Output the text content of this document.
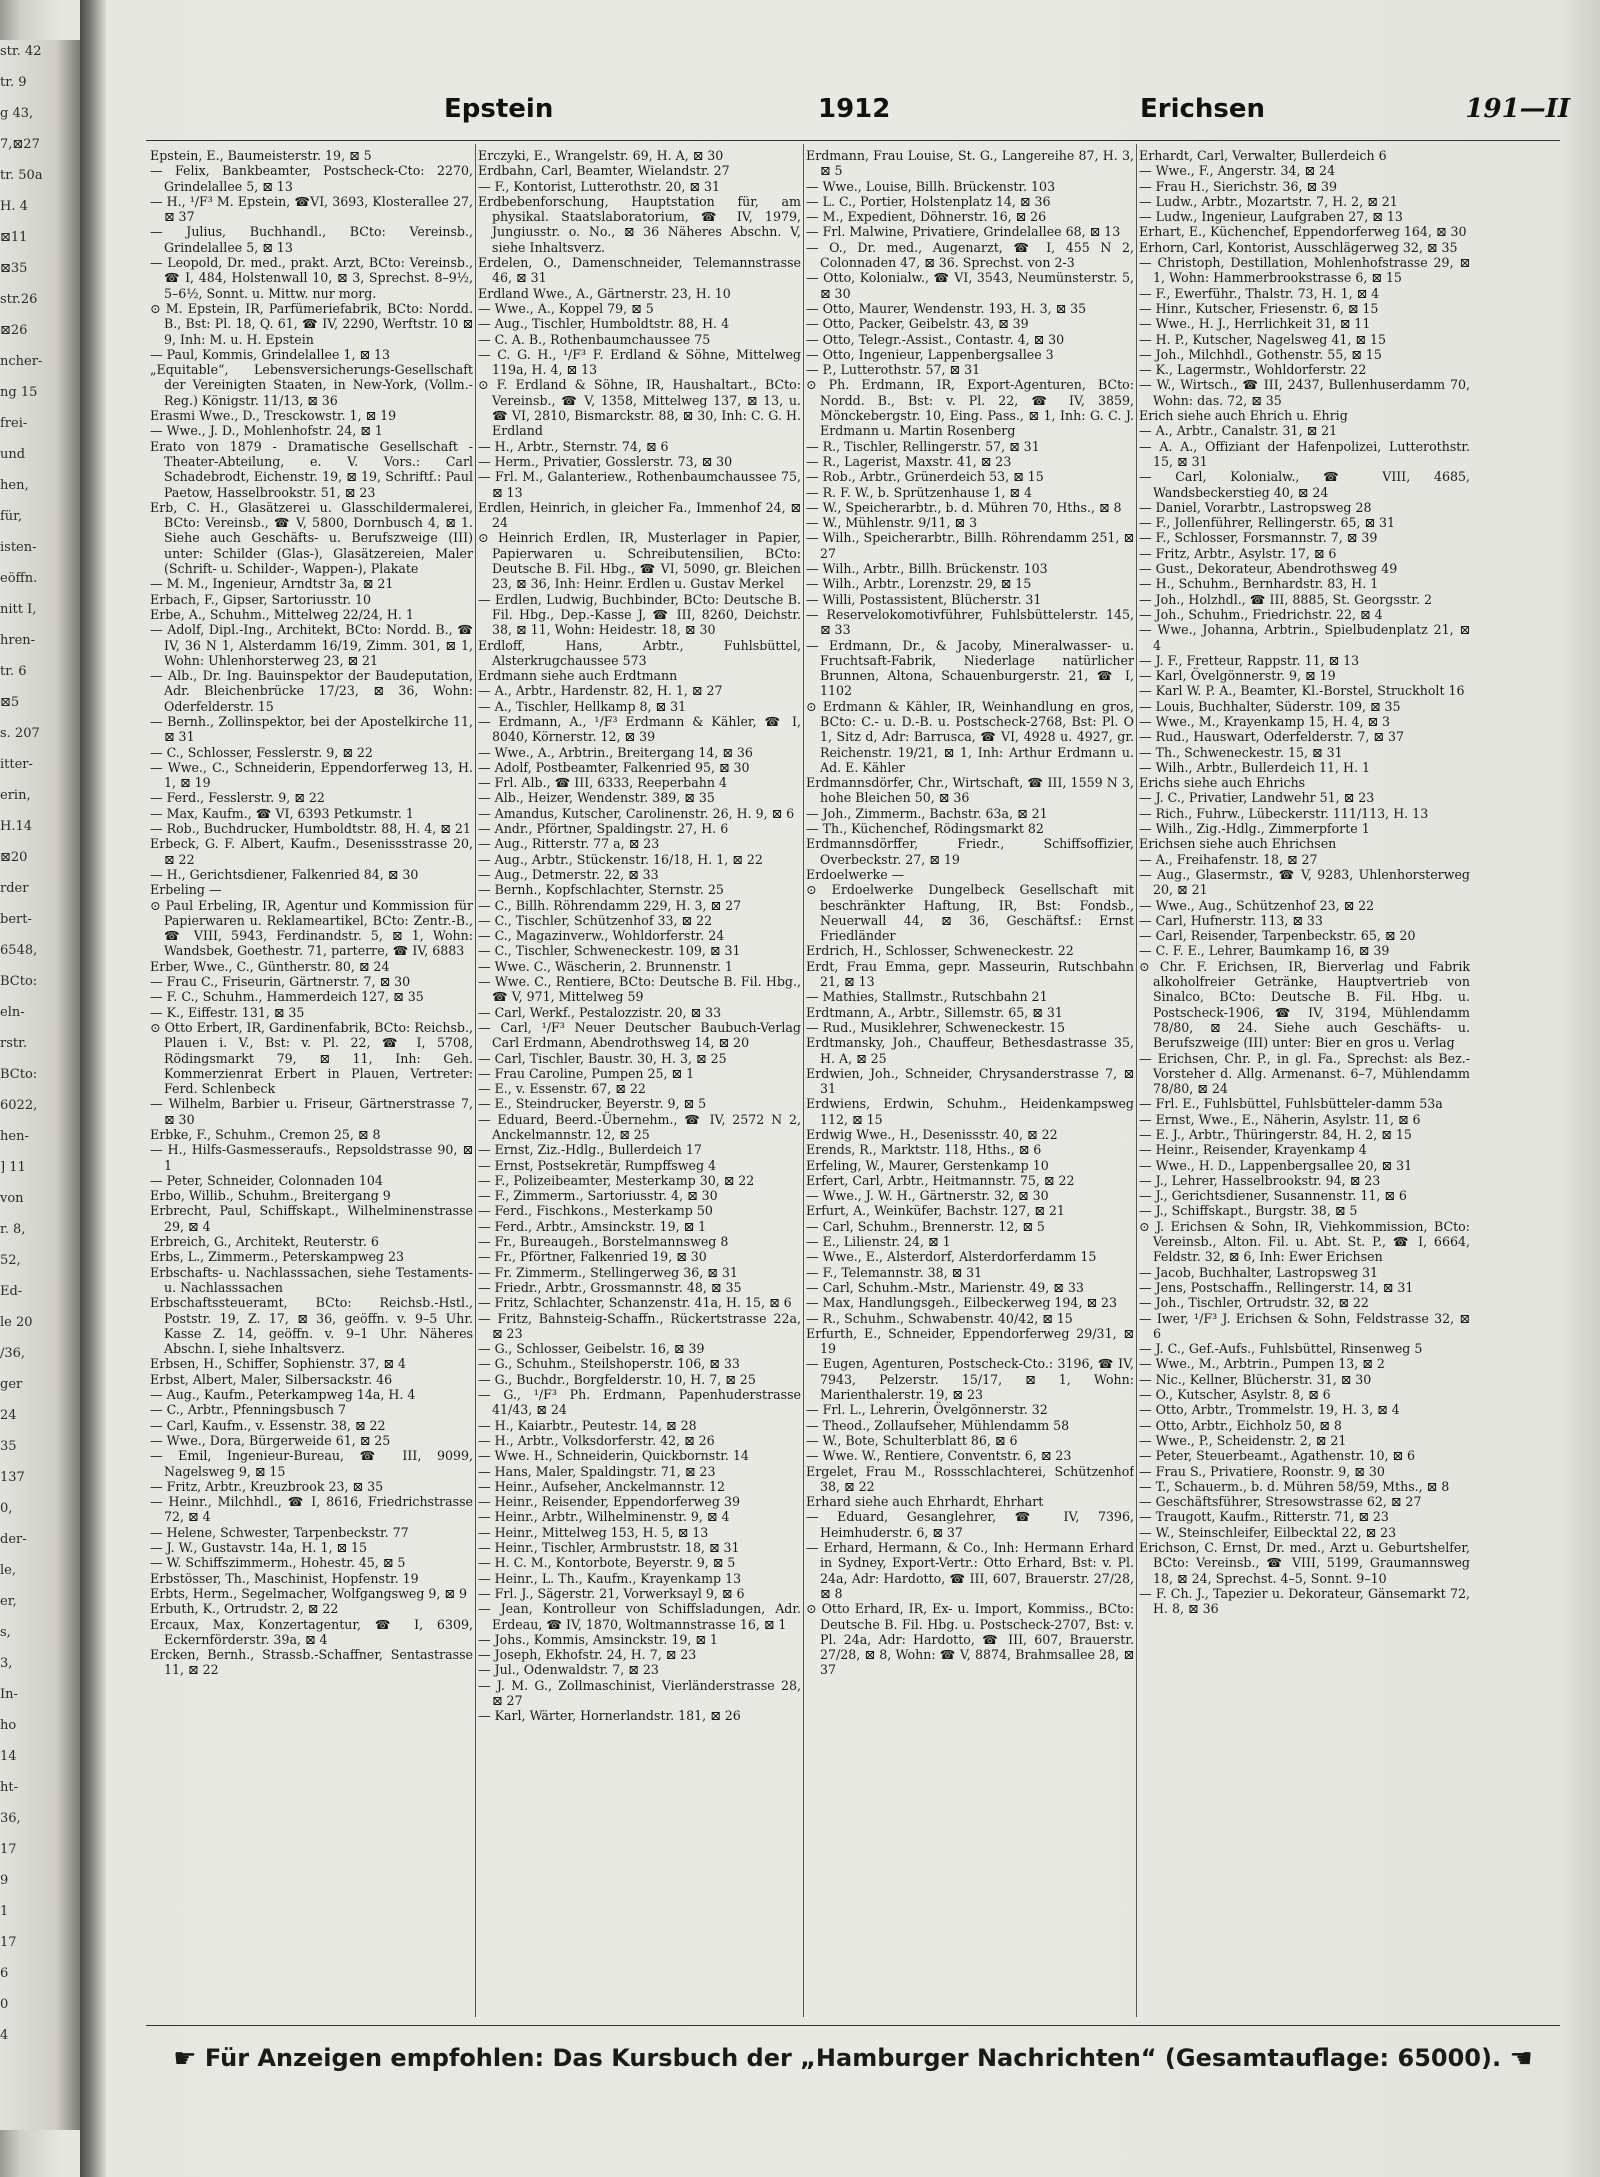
str. 42
tr. 9
g 43,
7,⊠27
tr. 50a
H. 4
⊠11
⊠35
str.26
⊠26
ncher-
ng 15
frei-
und
hen,
für,
isten-
eöffn.
nitt I,
hren-
tr. 6
⊠5
s. 207
itter-
erin,
H.14
⊠20
rder
bert-
6548,
BCto:
eln-
rstr.
BCto:
6022,
hen-
] 11
von
r. 8,
52,
Ed-
le 20
/36,
ger
24
35
137
0,
der-
le,
er,
s,
3,
In-
ho
14
ht-
36,
17
9
1
17
6
0
4
Epstein	1912	Erichsen	191—II

Epstein, E., Baumeisterstr. 19, ⊠ 5

— Felix, Bankbeamter, Postscheck-Cto: 2270, Grindelallee 5, ⊠ 13

— H., ¹/F³ M. Epstein, ☎VI, 3693, Klosterallee 27, ⊠ 37

— Julius, Buchhandl., BCto: Vereinsb., Grindelallee 5, ⊠ 13

— Leopold, Dr. med., prakt. Arzt, BCto: Vereinsb., ☎ I, 484, Holstenwall 10, ⊠ 3, Sprechst. 8–9½, 5–6½, Sonnt. u. Mittw. nur morg.

⊙ M. Epstein, IR, Parfümeriefabrik, BCto: Nordd. B., Bst: Pl. 18, Q. 61, ☎ IV, 2290, Werftstr. 10 ⊠ 9, Inh: M. u. H. Epstein

— Paul, Kommis, Grindelallee 1, ⊠ 13

„Equitable“, Lebensversicherungs-Gesellschaft der Vereinigten Staaten, in New-York, (Vollm.-Reg.) Königstr. 11/13, ⊠ 36

Erasmi Wwe., D., Tresckowstr. 1, ⊠ 19

— Wwe., J. D., Mohlenhofstr. 24, ⊠ 1

Erato von 1879 - Dramatische Gesellschaft - Theater-Abteilung, e. V. Vors.: Carl Schadebrodt, Eichenstr. 19, ⊠ 19, Schriftf.: Paul Paetow, Hasselbrookstr. 51, ⊠ 23

Erb, C. H., Glasätzerei u. Glasschildermalerei, BCto: Vereinsb., ☎ V, 5800, Dornbusch 4, ⊠ 1. Siehe auch Geschäfts- u. Berufszweige (III) unter: Schilder (Glas-), Glasätzereien, Maler (Schrift- u. Schilder-, Wappen-), Plakate

— M. M., Ingenieur, Arndtstr 3a, ⊠ 21

Erbach, F., Gipser, Sartoriusstr. 10

Erbe, A., Schuhm., Mittelweg 22/24, H. 1

— Adolf, Dipl.-Ing., Architekt, BCto: Nordd. B., ☎ IV, 36 N 1, Alsterdamm 16/19, Zimm. 301, ⊠ 1, Wohn: Uhlenhorsterweg 23, ⊠ 21

— Alb., Dr. Ing. Bauinspektor der Baudeputation, Adr. Bleichenbrücke 17/23, ⊠ 36, Wohn: Oderfelderstr. 15

— Bernh., Zollinspektor, bei der Apostelkirche 11, ⊠ 31

— C., Schlosser, Fesslerstr. 9, ⊠ 22

— Wwe., C., Schneiderin, Eppendorferweg 13, H. 1, ⊠ 19

— Ferd., Fesslerstr. 9, ⊠ 22

— Max, Kaufm., ☎ VI, 6393 Petkumstr. 1

— Rob., Buchdrucker, Humboldtstr. 88, H. 4, ⊠ 21

Erbeck, G. F. Albert, Kaufm., Desenissstrasse 20, ⊠ 22

— H., Gerichtsdiener, Falkenried 84, ⊠ 30

Erbeling —

⊙ Paul Erbeling, IR, Agentur und Kommission für Papierwaren u. Reklameartikel, BCto: Zentr.-B., ☎ VIII, 5943, Ferdinandstr. 5, ⊠ 1, Wohn: Wandsbek, Goethestr. 71, parterre, ☎ IV, 6883

Erber, Wwe., C., Güntherstr. 80, ⊠ 24

— Frau C., Friseurin, Gärtnerstr. 7, ⊠ 30

— F. C., Schuhm., Hammerdeich 127, ⊠ 35

— K., Eiffestr. 131, ⊠ 35

⊙ Otto Erbert, IR, Gardinenfabrik, BCto: Reichsb., Plauen i. V., Bst: v. Pl. 22, ☎ I, 5708, Rödingsmarkt 79, ⊠ 11, Inh: Geh. Kommerzienrat Erbert in Plauen, Vertreter: Ferd. Schlenbeck

— Wilhelm, Barbier u. Friseur, Gärtnerstrasse 7, ⊠ 30

Erbke, F., Schuhm., Cremon 25, ⊠ 8

— H., Hilfs-Gasmesseraufs., Repsoldstrasse 90, ⊠ 1

— Peter, Schneider, Colonnaden 104

Erbo, Willib., Schuhm., Breitergang 9

Erbrecht, Paul, Schiffskapt., Wilhelminenstrasse 29, ⊠ 4

Erbreich, G., Architekt, Reuterstr. 6

Erbs, L., Zimmerm., Peterskampweg 23

Erbschafts- u. Nachlasssachen, siehe Testaments- u. Nachlasssachen

Erbschaftssteueramt, BCto: Reichsb.-Hstl., Poststr. 19, Z. 17, ⊠ 36, geöffn. v. 9–5 Uhr. Kasse Z. 14, geöffn. v. 9–1 Uhr. Näheres Abschn. I, siehe Inhaltsverz.

Erbsen, H., Schiffer, Sophienstr. 37, ⊠ 4

Erbst, Albert, Maler, Silbersackstr. 46

— Aug., Kaufm., Peterkampweg 14a, H. 4

— C., Arbtr., Pfenningsbusch 7

— Carl, Kaufm., v. Essenstr. 38, ⊠ 22

— Wwe., Dora, Bürgerweide 61, ⊠ 25

— Emil, Ingenieur-Bureau, ☎ III, 9099, Nagelsweg 9, ⊠ 15

— Fritz, Arbtr., Kreuzbrook 23, ⊠ 35

— Heinr., Milchhdl., ☎ I, 8616, Friedrichstrasse 72, ⊠ 4

— Helene, Schwester, Tarpenbeckstr. 77

— J. W., Gustavstr. 14a, H. 1, ⊠ 15

— W. Schiffszimmerm., Hohestr. 45, ⊠ 5

Erbstösser, Th., Maschinist, Hopfenstr. 19

Erbts, Herm., Segelmacher, Wolfgangsweg 9, ⊠ 9

Erbuth, K., Ortrudstr. 2, ⊠ 22

Ercaux, Max, Konzertagentur, ☎ I, 6309, Eckernförderstr. 39a, ⊠ 4

Ercken, Bernh., Strassb.-Schaffner, Sentastrasse 11, ⊠ 22

Erczyki, E., Wrangelstr. 69, H. A, ⊠ 30

Erdbahn, Carl, Beamter, Wielandstr. 27

— F., Kontorist, Lutterothstr. 20, ⊠ 31

Erdbebenforschung, Hauptstation für, am physikal. Staatslaboratorium, ☎ IV, 1979, Jungiusstr. o. No., ⊠ 36 Näheres Abschn. V, siehe Inhaltsverz.

Erdelen, O., Damenschneider, Telemannstrasse 46, ⊠ 31

Erdland Wwe., A., Gärtnerstr. 23, H. 10

— Wwe., A., Koppel 79, ⊠ 5

— Aug., Tischler, Humboldtstr. 88, H. 4

— C. A. B., Rothenbaumchaussee 75

— C. G. H., ¹/F³ F. Erdland & Söhne, Mittelweg 119a, H. 4, ⊠ 13

⊙ F. Erdland & Söhne, IR, Haushaltart., BCto: Vereinsb., ☎ V, 1358, Mittelweg 137, ⊠ 13, u. ☎ VI, 2810, Bismarckstr. 88, ⊠ 30, Inh: C. G. H. Erdland

— H., Arbtr., Sternstr. 74, ⊠ 6

— Herm., Privatier, Gosslerstr. 73, ⊠ 30

— Frl. M., Galanteriew., Rothenbaumchaussee 75, ⊠ 13

Erdlen, Heinrich, in gleicher Fa., Immenhof 24, ⊠ 24

⊙ Heinrich Erdlen, IR, Musterlager in Papier, Papierwaren u. Schreibutensilien, BCto: Deutsche B. Fil. Hbg., ☎ VI, 5090, gr. Bleichen 23, ⊠ 36, Inh: Heinr. Erdlen u. Gustav Merkel

— Erdlen, Ludwig, Buchbinder, BCto: Deutsche B. Fil. Hbg., Dep.-Kasse J, ☎ III, 8260, Deichstr. 38, ⊠ 11, Wohn: Heidestr. 18, ⊠ 30

Erdloff, Hans, Arbtr., Fuhlsbüttel, Alsterkrugchaussee 573

Erdmann siehe auch Erdtmann

— A., Arbtr., Hardenstr. 82, H. 1, ⊠ 27

— A., Tischler, Hellkamp 8, ⊠ 31

— Erdmann, A., ¹/F³ Erdmann & Kähler, ☎ I, 8040, Körnerstr. 12, ⊠ 39

— Wwe., A., Arbtrin., Breitergang 14, ⊠ 36

— Adolf, Postbeamter, Falkenried 95, ⊠ 30

— Frl. Alb., ☎ III, 6333, Reeperbahn 4

— Alb., Heizer, Wendenstr. 389, ⊠ 35

— Amandus, Kutscher, Carolinenstr. 26, H. 9, ⊠ 6

— Andr., Pförtner, Spaldingstr. 27, H. 6

— Aug., Ritterstr. 77 a, ⊠ 23

— Aug., Arbtr., Stückenstr. 16/18, H. 1, ⊠ 22

— Aug., Detmerstr. 22, ⊠ 33

— Bernh., Kopfschlachter, Sternstr. 25

— C., Billh. Röhrendamm 229, H. 3, ⊠ 27

— C., Tischler, Schützenhof 33, ⊠ 22

— C., Magazinverw., Wohldorferstr. 24

— C., Tischler, Schweneckestr. 109, ⊠ 31

— Wwe. C., Wäscherin, 2. Brunnenstr. 1

— Wwe. C., Rentiere, BCto: Deutsche B. Fil. Hbg., ☎ V, 971, Mittelweg 59

— Carl, Werkf., Pestalozzistr. 20, ⊠ 33

— Carl, ¹/F³ Neuer Deutscher Baubuch-Verlag Carl Erdmann, Abendrothsweg 14, ⊠ 20

— Carl, Tischler, Baustr. 30, H. 3, ⊠ 25

— Frau Caroline, Pumpen 25, ⊠ 1

— E., v. Essenstr. 67, ⊠ 22

— E., Steindrucker, Beyerstr. 9, ⊠ 5

— Eduard, Beerd.-Übernehm., ☎ IV, 2572 N 2, Anckelmannstr. 12, ⊠ 25

— Ernst, Ziz.-Hdlg., Bullerdeich 17

— Ernst, Postsekretär, Rumpffsweg 4

— F., Polizeibeamter, Mesterkamp 30, ⊠ 22

— F., Zimmerm., Sartoriusstr. 4, ⊠ 30

— Ferd., Fischkons., Mesterkamp 50

— Ferd., Arbtr., Amsinckstr. 19, ⊠ 1

— Fr., Bureaugeh., Borstelmannsweg 8

— Fr., Pförtner, Falkenried 19, ⊠ 30

— Fr. Zimmerm., Stellingerweg 36, ⊠ 31

— Friedr., Arbtr., Grossmannstr. 48, ⊠ 35

— Fritz, Schlachter, Schanzenstr. 41a, H. 15, ⊠ 6

— Fritz, Bahnsteig-Schaffn., Rückertstrasse 22a, ⊠ 23

— G., Schlosser, Geibelstr. 16, ⊠ 39

— G., Schuhm., Steilshoperstr. 106, ⊠ 33

— G., Buchdr., Borgfelderstr. 10, H. 7, ⊠ 25

— G., ¹/F³ Ph. Erdmann, Papenhuderstrasse 41/43, ⊠ 24

— H., Kaiarbtr., Peutestr. 14, ⊠ 28

— H., Arbtr., Volksdorferstr. 42, ⊠ 26

— Wwe. H., Schneiderin, Quickbornstr. 14

— Hans, Maler, Spaldingstr. 71, ⊠ 23

— Heinr., Aufseher, Anckelmannstr. 12

— Heinr., Reisender, Eppendorferweg 39

— Heinr., Arbtr., Wilhelminenstr. 9, ⊠ 4

— Heinr., Mittelweg 153, H. 5, ⊠ 13

— Heinr., Tischler, Armbruststr. 18, ⊠ 31

— H. C. M., Kontorbote, Beyerstr. 9, ⊠ 5

— Heinr., L. Th., Kaufm., Krayenkamp 13

— Frl. J., Sägerstr. 21, Vorwerksayl 9, ⊠ 6

— Jean, Kontrolleur von Schiffsladungen, Adr. Erdeau, ☎ IV, 1870, Woltmannstrasse 16, ⊠ 1

— Johs., Kommis, Amsinckstr. 19, ⊠ 1

— Joseph, Ekhofstr. 24, H. 7, ⊠ 23

— Jul., Odenwaldstr. 7, ⊠ 23

— J. M. G., Zollmaschinist, Vierländerstrasse 28, ⊠ 27

— Karl, Wärter, Hornerlandstr. 181, ⊠ 26

Erdmann, Frau Louise, St. G., Langereihe 87, H. 3, ⊠ 5

— Wwe., Louise, Billh. Brückenstr. 103

— L. C., Portier, Holstenplatz 14, ⊠ 36

— M., Expedient, Döhnerstr. 16, ⊠ 26

— Frl. Malwine, Privatiere, Grindelallee 68, ⊠ 13

— O., Dr. med., Augenarzt, ☎ I, 455 N 2, Colonnaden 47, ⊠ 36. Sprechst. von 2-3

— Otto, Kolonialw., ☎ VI, 3543, Neumünsterstr. 5, ⊠ 30

— Otto, Maurer, Wendenstr. 193, H. 3, ⊠ 35

— Otto, Packer, Geibelstr. 43, ⊠ 39

— Otto, Telegr.-Assist., Contastr. 4, ⊠ 30

— Otto, Ingenieur, Lappenbergsallee 3

— P., Lutterothstr. 57, ⊠ 31

⊙ Ph. Erdmann, IR, Export-Agenturen, BCto: Nordd. B., Bst: v. Pl. 22, ☎ IV, 3859, Mönckebergstr. 10, Eing. Pass., ⊠ 1, Inh: G. C. J. Erdmann u. Martin Rosenberg

— R., Tischler, Rellingerstr. 57, ⊠ 31

— R., Lagerist, Maxstr. 41, ⊠ 23

— Rob., Arbtr., Grünerdeich 53, ⊠ 15

— R. F. W., b. Sprützenhause 1, ⊠ 4

— W., Speicherarbtr., b. d. Mühren 70, Hths., ⊠ 8

— W., Mühlenstr. 9/11, ⊠ 3

— Wilh., Speicherarbtr., Billh. Röhrendamm 251, ⊠ 27

— Wilh., Arbtr., Billh. Brückenstr. 103

— Wilh., Arbtr., Lorenzstr. 29, ⊠ 15

— Willi, Postassistent, Blücherstr. 31

— Reservelokomotivführer, Fuhlsbüttelerstr. 145, ⊠ 33

— Erdmann, Dr., & Jacoby, Mineralwasser- u. Fruchtsaft-Fabrik, Niederlage natürlicher Brunnen, Altona, Schauenburgerstr. 21, ☎ I, 1102

⊙ Erdmann & Kähler, IR, Weinhandlung en gros, BCto: C.- u. D.-B. u. Postscheck-2768, Bst: Pl. O 1, Sitz d, Adr: Barrusca, ☎ VI, 4928 u. 4927, gr. Reichenstr. 19/21, ⊠ 1, Inh: Arthur Erdmann u. Ad. E. Kähler

Erdmannsdörfer, Chr., Wirtschaft, ☎ III, 1559 N 3, hohe Bleichen 50, ⊠ 36

— Joh., Zimmerm., Bachstr. 63a, ⊠ 21

— Th., Küchenchef, Rödingsmarkt 82

Erdmannsdörffer, Friedr., Schiffsoffizier, Overbeckstr. 27, ⊠ 19

Erdoelwerke —

⊙ Erdoelwerke Dungelbeck Gesellschaft mit beschränkter Haftung, IR, Bst: Fondsb., Neuerwall 44, ⊠ 36, Geschäftsf.: Ernst Friedländer

Erdrich, H., Schlosser, Schweneckestr. 22

Erdt, Frau Emma, gepr. Masseurin, Rutschbahn 21, ⊠ 13

— Mathies, Stallmstr., Rutschbahn 21

Erdtmann, A., Arbtr., Sillemstr. 65, ⊠ 31

— Rud., Musiklehrer, Schweneckestr. 15

Erdtmansky, Joh., Chauffeur, Bethesdastrasse 35, H. A, ⊠ 25

Erdwien, Joh., Schneider, Chrysanderstrasse 7, ⊠ 31

Erdwiens, Erdwin, Schuhm., Heidenkampsweg 112, ⊠ 15

Erdwig Wwe., H., Desenissstr. 40, ⊠ 22

Erends, R., Marktstr. 118, Hths., ⊠ 6

Erfeling, W., Maurer, Gerstenkamp 10

Erfert, Carl, Arbtr., Heitmannstr. 75, ⊠ 22

— Wwe., J. W. H., Gärtnerstr. 32, ⊠ 30

Erfurt, A., Weinküfer, Bachstr. 127, ⊠ 21

— Carl, Schuhm., Brennerstr. 12, ⊠ 5

— E., Lilienstr. 24, ⊠ 1

— Wwe., E., Alsterdorf, Alsterdorferdamm 15

— F., Telemannstr. 38, ⊠ 31

— Carl, Schuhm.-Mstr., Marienstr. 49, ⊠ 33

— Max, Handlungsgeh., Eilbeckerweg 194, ⊠ 23

— R., Schuhm., Schwabenstr. 40/42, ⊠ 15

Erfurth, E., Schneider, Eppendorferweg 29/31, ⊠ 19

— Eugen, Agenturen, Postscheck-Cto.: 3196, ☎ IV, 7943, Pelzerstr. 15/17, ⊠ 1, Wohn: Marienthalerstr. 19, ⊠ 23

— Frl. L., Lehrerin, Övelgönnerstr. 32

— Theod., Zollaufseher, Mühlendamm 58

— W., Bote, Schulterblatt 86, ⊠ 6

— Wwe. W., Rentiere, Conventstr. 6, ⊠ 23

Ergelet, Frau M., Rossschlachterei, Schützenhof 38, ⊠ 22

Erhard siehe auch Ehrhardt, Ehrhart

— Eduard, Gesanglehrer, ☎ IV, 7396, Heimhuderstr. 6, ⊠ 37

— Erhard, Hermann, & Co., Inh: Hermann Erhard in Sydney, Export-Vertr.: Otto Erhard, Bst: v. Pl. 24a, Adr: Hardotto, ☎ III, 607, Brauerstr. 27/28, ⊠ 8

⊙ Otto Erhard, IR, Ex- u. Import, Kommiss., BCto: Deutsche B. Fil. Hbg. u. Postscheck-2707, Bst: v. Pl. 24a, Adr: Hardotto, ☎ III, 607, Brauerstr. 27/28, ⊠ 8, Wohn: ☎ V, 8874, Brahmsallee 28, ⊠ 37

Erhardt, Carl, Verwalter, Bullerdeich 6

— Wwe., F., Angerstr. 34, ⊠ 24

— Frau H., Sierichstr. 36, ⊠ 39

— Ludw., Arbtr., Mozartstr. 7, H. 2, ⊠ 21

— Ludw., Ingenieur, Laufgraben 27, ⊠ 13

Erhart, E., Küchenchef, Eppendorferweg 164, ⊠ 30

Erhorn, Carl, Kontorist, Ausschlägerweg 32, ⊠ 35

— Christoph, Destillation, Mohlenhofstrasse 29, ⊠ 1, Wohn: Hammerbrookstrasse 6, ⊠ 15

— F., Ewerführ., Thalstr. 73, H. 1, ⊠ 4

— Hinr., Kutscher, Friesenstr. 6, ⊠ 15

— Wwe., H. J., Herrlichkeit 31, ⊠ 11

— H. P., Kutscher, Nagelsweg 41, ⊠ 15

— Joh., Milchhdl., Gothenstr. 55, ⊠ 15

— K., Lagermstr., Wohldorferstr. 22

— W., Wirtsch., ☎ III, 2437, Bullenhuserdamm 70, Wohn: das. 72, ⊠ 35

Erich siehe auch Ehrich u. Ehrig

— A., Arbtr., Canalstr. 31, ⊠ 21

— A. A., Offiziant der Hafenpolizei, Lutterothstr. 15, ⊠ 31

— Carl, Kolonialw., ☎ VIII, 4685, Wandsbeckerstieg 40, ⊠ 24

— Daniel, Vorarbtr., Lastropsweg 28

— F., Jollenführer, Rellingerstr. 65, ⊠ 31

— F., Schlosser, Forsmannstr. 7, ⊠ 39

— Fritz, Arbtr., Asylstr. 17, ⊠ 6

— Gust., Dekorateur, Abendrothsweg 49

— H., Schuhm., Bernhardstr. 83, H. 1

— Joh., Holzhdl., ☎ III, 8885, St. Georgsstr. 2

— Joh., Schuhm., Friedrichstr. 22, ⊠ 4

— Wwe., Johanna, Arbtrin., Spielbudenplatz 21, ⊠ 4

— J. F., Fretteur, Rappstr. 11, ⊠ 13

— Karl, Övelgönnerstr. 9, ⊠ 19

— Karl W. P. A., Beamter, Kl.-Borstel, Struckholt 16

— Louis, Buchhalter, Süderstr. 109, ⊠ 35

— Wwe., M., Krayenkamp 15, H. 4, ⊠ 3

— Rud., Hauswart, Oderfelderstr. 7, ⊠ 37

— Th., Schweneckestr. 15, ⊠ 31

— Wilh., Arbtr., Bullerdeich 11, H. 1

Erichs siehe auch Ehrichs

— J. C., Privatier, Landwehr 51, ⊠ 23

— Rich., Fuhrw., Lübeckerstr. 111/113, H. 13

— Wilh., Zig.-Hdlg., Zimmerpforte 1

Erichsen siehe auch Ehrichsen

— A., Freihafenstr. 18, ⊠ 27

— Aug., Glasermstr., ☎ V, 9283, Uhlenhorsterweg 20, ⊠ 21

— Wwe., Aug., Schützenhof 23, ⊠ 22

— Carl, Hufnerstr. 113, ⊠ 33

— Carl, Reisender, Tarpenbeckstr. 65, ⊠ 20

— C. F. E., Lehrer, Baumkamp 16, ⊠ 39

⊙ Chr. F. Erichsen, IR, Bierverlag und Fabrik alkoholfreier Getränke, Hauptvertrieb von Sinalco, BCto: Deutsche B. Fil. Hbg. u. Postscheck-1906, ☎ IV, 3194, Mühlendamm 78/80, ⊠ 24. Siehe auch Geschäfts- u. Berufszweige (III) unter: Bier en gros u. Verlag

— Erichsen, Chr. P., in gl. Fa., Sprechst: als Bez.-Vorsteher d. Allg. Armenanst. 6–7, Mühlendamm 78/80, ⊠ 24

— Frl. E., Fuhlsbüttel, Fuhlsbütteler-damm 53a

— Ernst, Wwe., E., Näherin, Asylstr. 11, ⊠ 6

— E. J., Arbtr., Thüringerstr. 84, H. 2, ⊠ 15

— Heinr., Reisender, Krayenkamp 4

— Wwe., H. D., Lappenbergsallee 20, ⊠ 31

— J., Lehrer, Hasselbrookstr. 94, ⊠ 23

— J., Gerichtsdiener, Susannenstr. 11, ⊠ 6

— J., Schiffskapt., Burgstr. 38, ⊠ 5

⊙ J. Erichsen & Sohn, IR, Viehkommission, BCto: Vereinsb., Alton. Fil. u. Abt. St. P., ☎ I, 6664, Feldstr. 32, ⊠ 6, Inh: Ewer Erichsen

— Jacob, Buchhalter, Lastropsweg 31

— Jens, Postschaffn., Rellingerstr. 14, ⊠ 31

— Joh., Tischler, Ortrudstr. 32, ⊠ 22

— Iwer, ¹/F³ J. Erichsen & Sohn, Feldstrasse 32, ⊠ 6

— J. C., Gef.-Aufs., Fuhlsbüttel, Rinsenweg 5

— Wwe., M., Arbtrin., Pumpen 13, ⊠ 2

— Nic., Kellner, Blücherstr. 31, ⊠ 30

— O., Kutscher, Asylstr. 8, ⊠ 6

— Otto, Arbtr., Trommelstr. 19, H. 3, ⊠ 4

— Otto, Arbtr., Eichholz 50, ⊠ 8

— Wwe., P., Scheidenstr. 2, ⊠ 21

— Peter, Steuerbeamt., Agathenstr. 10, ⊠ 6

— Frau S., Privatiere, Roonstr. 9, ⊠ 30

— T., Schauerm., b. d. Mühren 58/59, Mths., ⊠ 8

— Geschäftsführer, Stresowstrasse 62, ⊠ 27

— Traugott, Kaufm., Ritterstr. 71, ⊠ 23

— W., Steinschleifer, Eilbecktal 22, ⊠ 23

Erichson, C. Ernst, Dr. med., Arzt u. Geburtshelfer, BCto: Vereinsb., ☎ VIII, 5199, Graumannsweg 18, ⊠ 24, Sprechst. 4–5, Sonnt. 9–10

— F. Ch. J., Tapezier u. Dekorateur, Gänsemarkt 72, H. 8, ⊠ 36

☛ Für Anzeigen empfohlen: Das Kursbuch der „Hamburger Nachrichten“ (Gesamtauflage: 65000). ☚
